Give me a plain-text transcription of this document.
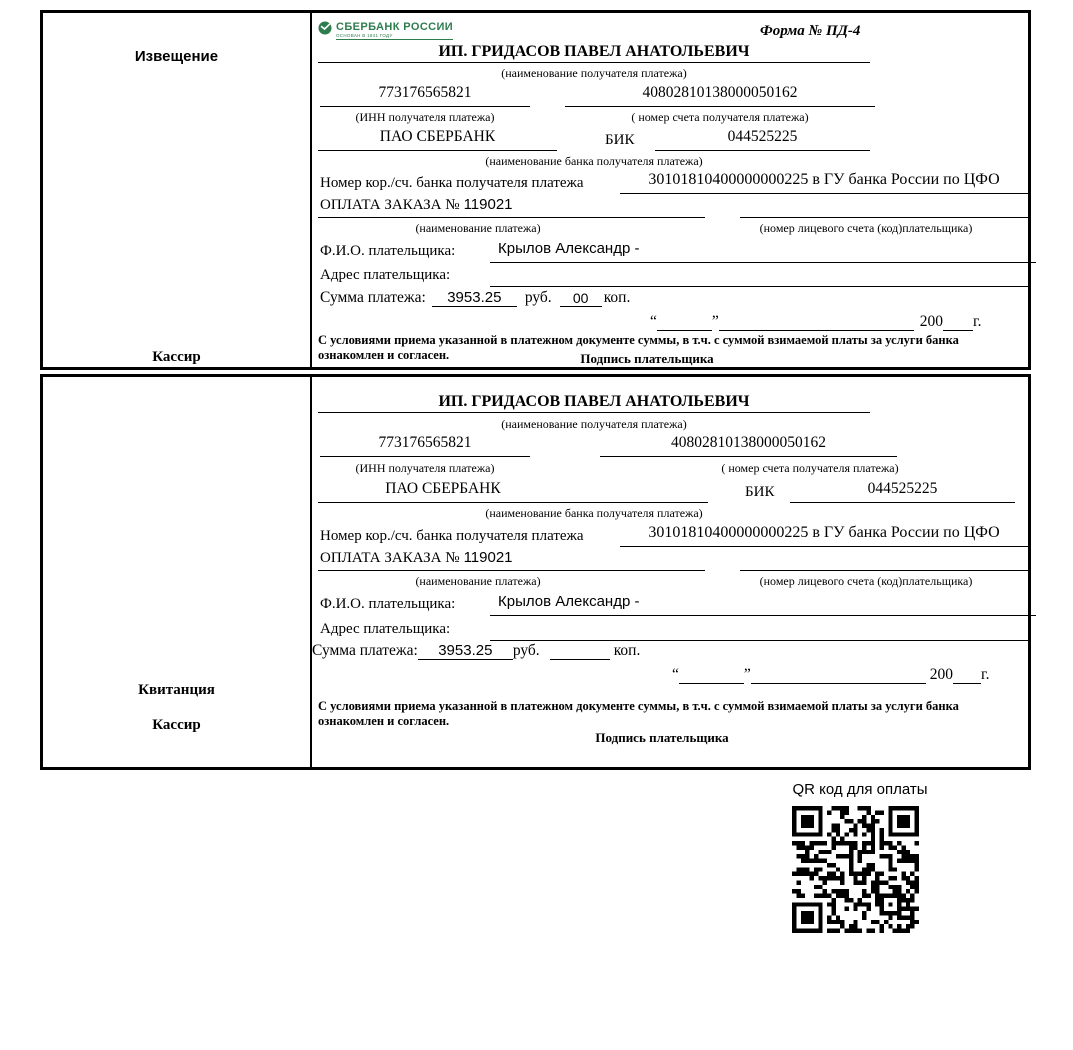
Извещение
Кассир
СБЕРБАНК РОССИИ
ОСНОВАН В 1841 ГОДУ	Форма № ПД-4
ИП. ГРИДАСОВ ПАВЕЛ АНАТОЛЬЕВИЧ
(наименование получателя платежа)
773176565821	40802810138000050162
(ИНН получателя платежа)	( номер счета получателя платежа)
ПАО СБЕРБАНК	БИК	044525225
(наименование банка получателя платежа)
Номер кор./сч. банка получателя платежа	30101810400000000225 в ГУ банка России по ЦФО
ОПЛАТА ЗАКАЗА № 119021
(наименование платежа)	(номер лицевого счета (код)плательщика)
Ф.И.О. плательщика:	Крылов Александр -
Адрес плательщика:
Сумма платежа:	3953.25	руб.	00 коп.
“	”	200 г.
С условиями приема указанной в платежном документе суммы, в т.ч. с суммой взимаемой платы за услуги банка ознакомлен и согласен.	Подпись плательщика
Квитанция
Кассир
ИП. ГРИДАСОВ ПАВЕЛ АНАТОЛЬЕВИЧ
(наименование получателя платежа)
773176565821	40802810138000050162
(ИНН получателя платежа)	( номер счета получателя платежа)
ПАО СБЕРБАНК	БИК	044525225
(наименование банка получателя платежа)
Номер кор./сч. банка получателя платежа	30101810400000000225 в ГУ банка России по ЦФО
ОПЛАТА ЗАКАЗА № 119021
(наименование платежа)	(номер лицевого счета (код)плательщика)
Ф.И.О. плательщика:	Крылов Александр -
Адрес плательщика:
Сумма платежа:	3953.25	руб.	коп.
“	”	200 г.
С условиями приема указанной в платежном документе суммы, в т.ч. с суммой взимаемой платы за услуги банка ознакомлен и согласен.
Подпись плательщика
QR код для оплаты
